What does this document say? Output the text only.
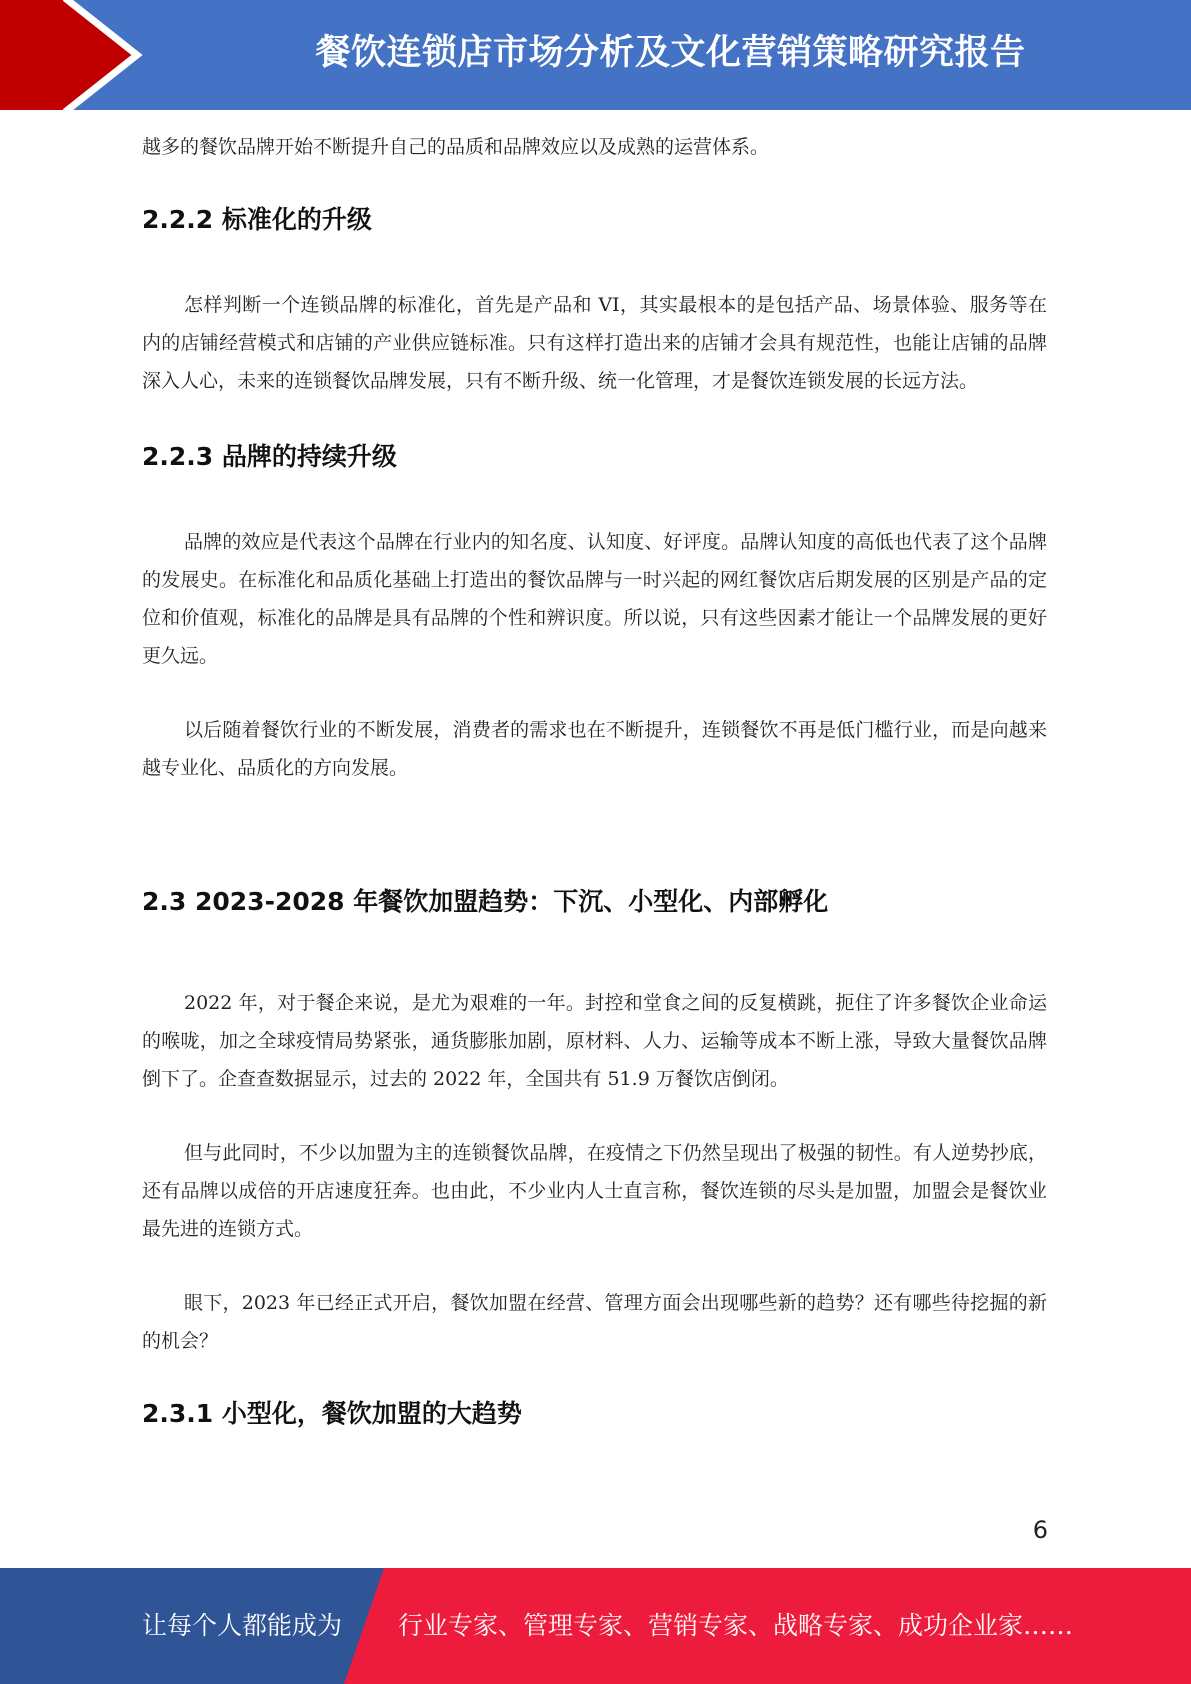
餐饮连锁店市场分析及文化营销策略研究报告

越多的餐饮品牌开始不断提升自己的品质和品牌效应以及成熟的运营体系。

2.2.2 标准化的升级

怎样判断一个连锁品牌的标准化，首先是产品和 VI，其实最根本的是包括产品、场景体验、服务等在内的店铺经营模式和店铺的产业供应链标准。只有这样打造出来的店铺才会具有规范性，也能让店铺的品牌深入人心，未来的连锁餐饮品牌发展，只有不断升级、统一化管理，才是餐饮连锁发展的长远方法。

2.2.3 品牌的持续升级

品牌的效应是代表这个品牌在行业内的知名度、认知度、好评度。品牌认知度的高低也代表了这个品牌的发展史。在标准化和品质化基础上打造出的餐饮品牌与一时兴起的网红餐饮店后期发展的区别是产品的定位和价值观，标准化的品牌是具有品牌的个性和辨识度。所以说，只有这些因素才能让一个品牌发展的更好更久远。

以后随着餐饮行业的不断发展，消费者的需求也在不断提升，连锁餐饮不再是低门槛行业，而是向越来越专业化、品质化的方向发展。

2.3 2023-2028 年餐饮加盟趋势：下沉、小型化、内部孵化

2022 年，对于餐企来说，是尤为艰难的一年。封控和堂食之间的反复横跳，扼住了许多餐饮企业命运的喉咙，加之全球疫情局势紧张，通货膨胀加剧，原材料、人力、运输等成本不断上涨，导致大量餐饮品牌倒下了。企查查数据显示，过去的 2022 年，全国共有 51.9 万餐饮店倒闭。

但与此同时，不少以加盟为主的连锁餐饮品牌，在疫情之下仍然呈现出了极强的韧性。有人逆势抄底，还有品牌以成倍的开店速度狂奔。也由此，不少业内人士直言称，餐饮连锁的尽头是加盟，加盟会是餐饮业最先进的连锁方式。

眼下，2023 年已经正式开启，餐饮加盟在经营、管理方面会出现哪些新的趋势？还有哪些待挖掘的新的机会？

2.3.1 小型化，餐饮加盟的大趋势
6
让每个人都能成为 行业专家、管理专家、营销专家、战略专家、成功企业家……
